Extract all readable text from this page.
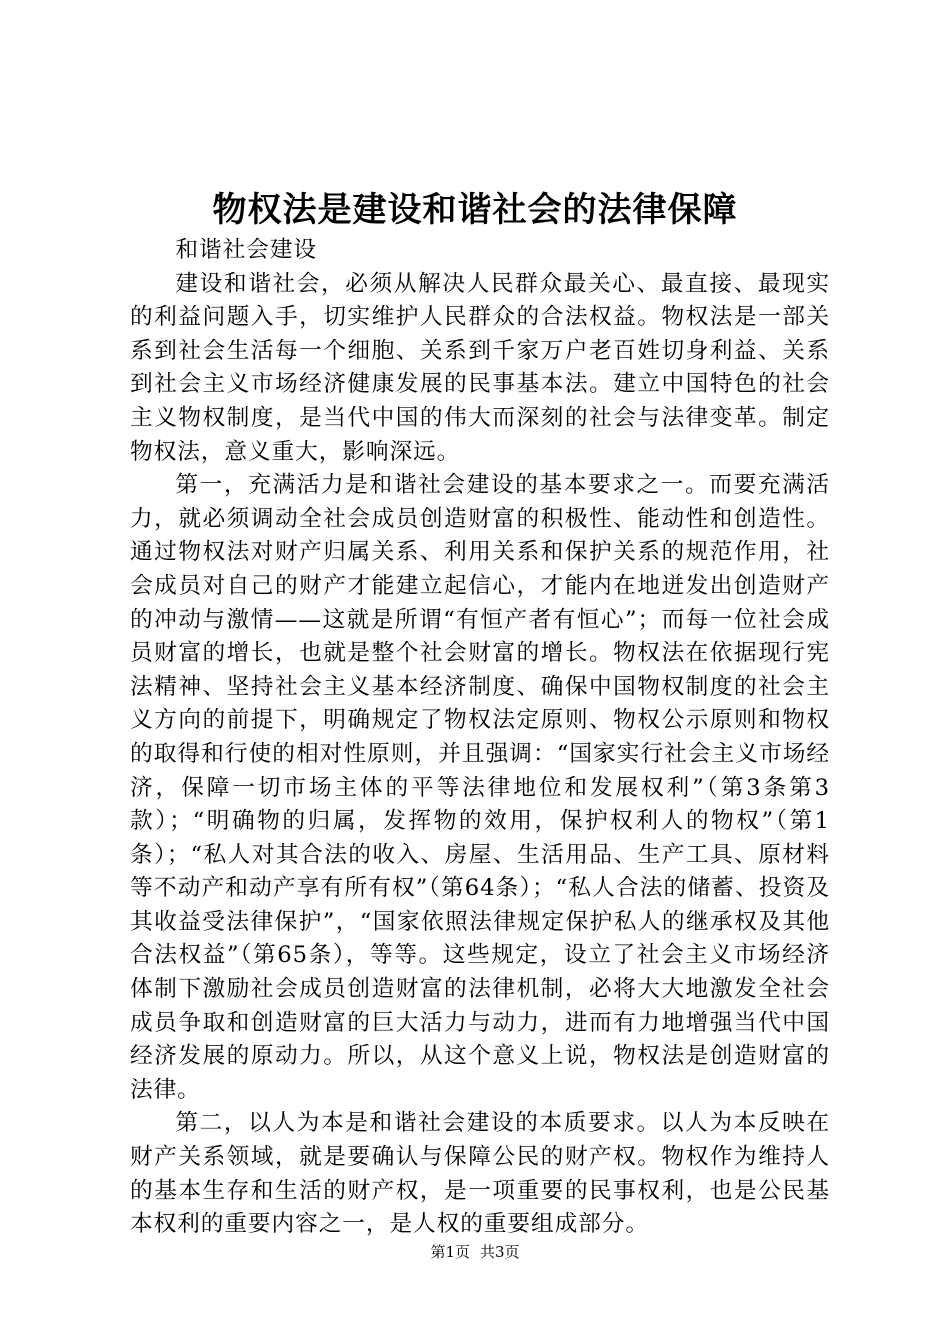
物权法是建设和谐社会的法律保障

和谐社会建设

建设和谐社会，必须从解决人民群众最关心、最直接、最现实的利益问题入手，切实维护人民群众的合法权益。物权法是一部关系到社会生活每一个细胞、关系到千家万户老百姓切身利益、关系到社会主义市场经济健康发展的民事基本法。建立中国特色的社会主义物权制度，是当代中国的伟大而深刻的社会与法律变革。制定物权法，意义重大，影响深远。

第一，充满活力是和谐社会建设的基本要求之一。而要充满活力，就必须调动全社会成员创造财富的积极性、能动性和创造性。通过物权法对财产归属关系、利用关系和保护关系的规范作用，社会成员对自己的财产才能建立起信心，才能内在地迸发出创造财产的冲动与激情——这就是所谓“有恒产者有恒心”；而每一位社会成员财富的增长，也就是整个社会财富的增长。物权法在依据现行宪法精神、坚持社会主义基本经济制度、确保中国物权制度的社会主义方向的前提下，明确规定了物权法定原则、物权公示原则和物权的取得和行使的相对性原则，并且强调：“国家实行社会主义市场经济，保障一切市场主体的平等法律地位和发展权利”（第3条第3款）；“明确物的归属，发挥物的效用，保护权利人的物权”（第1条）；“私人对其合法的收入、房屋、生活用品、生产工具、原材料等不动产和动产享有所有权”（第64条）；“私人合法的储蓄、投资及其收益受法律保护”，“国家依照法律规定保护私人的继承权及其他合法权益”（第65条），等等。这些规定，设立了社会主义市场经济体制下激励社会成员创造财富的法律机制，必将大大地激发全社会成员争取和创造财富的巨大活力与动力，进而有力地增强当代中国经济发展的原动力。所以，从这个意义上说，物权法是创造财富的法律。

第二，以人为本是和谐社会建设的本质要求。以人为本反映在财产关系领域，就是要确认与保障公民的财产权。物权作为维持人的基本生存和生活的财产权，是一项重要的民事权利，也是公民基本权利的重要内容之一，是人权的重要组成部分。

第1页 共3页
